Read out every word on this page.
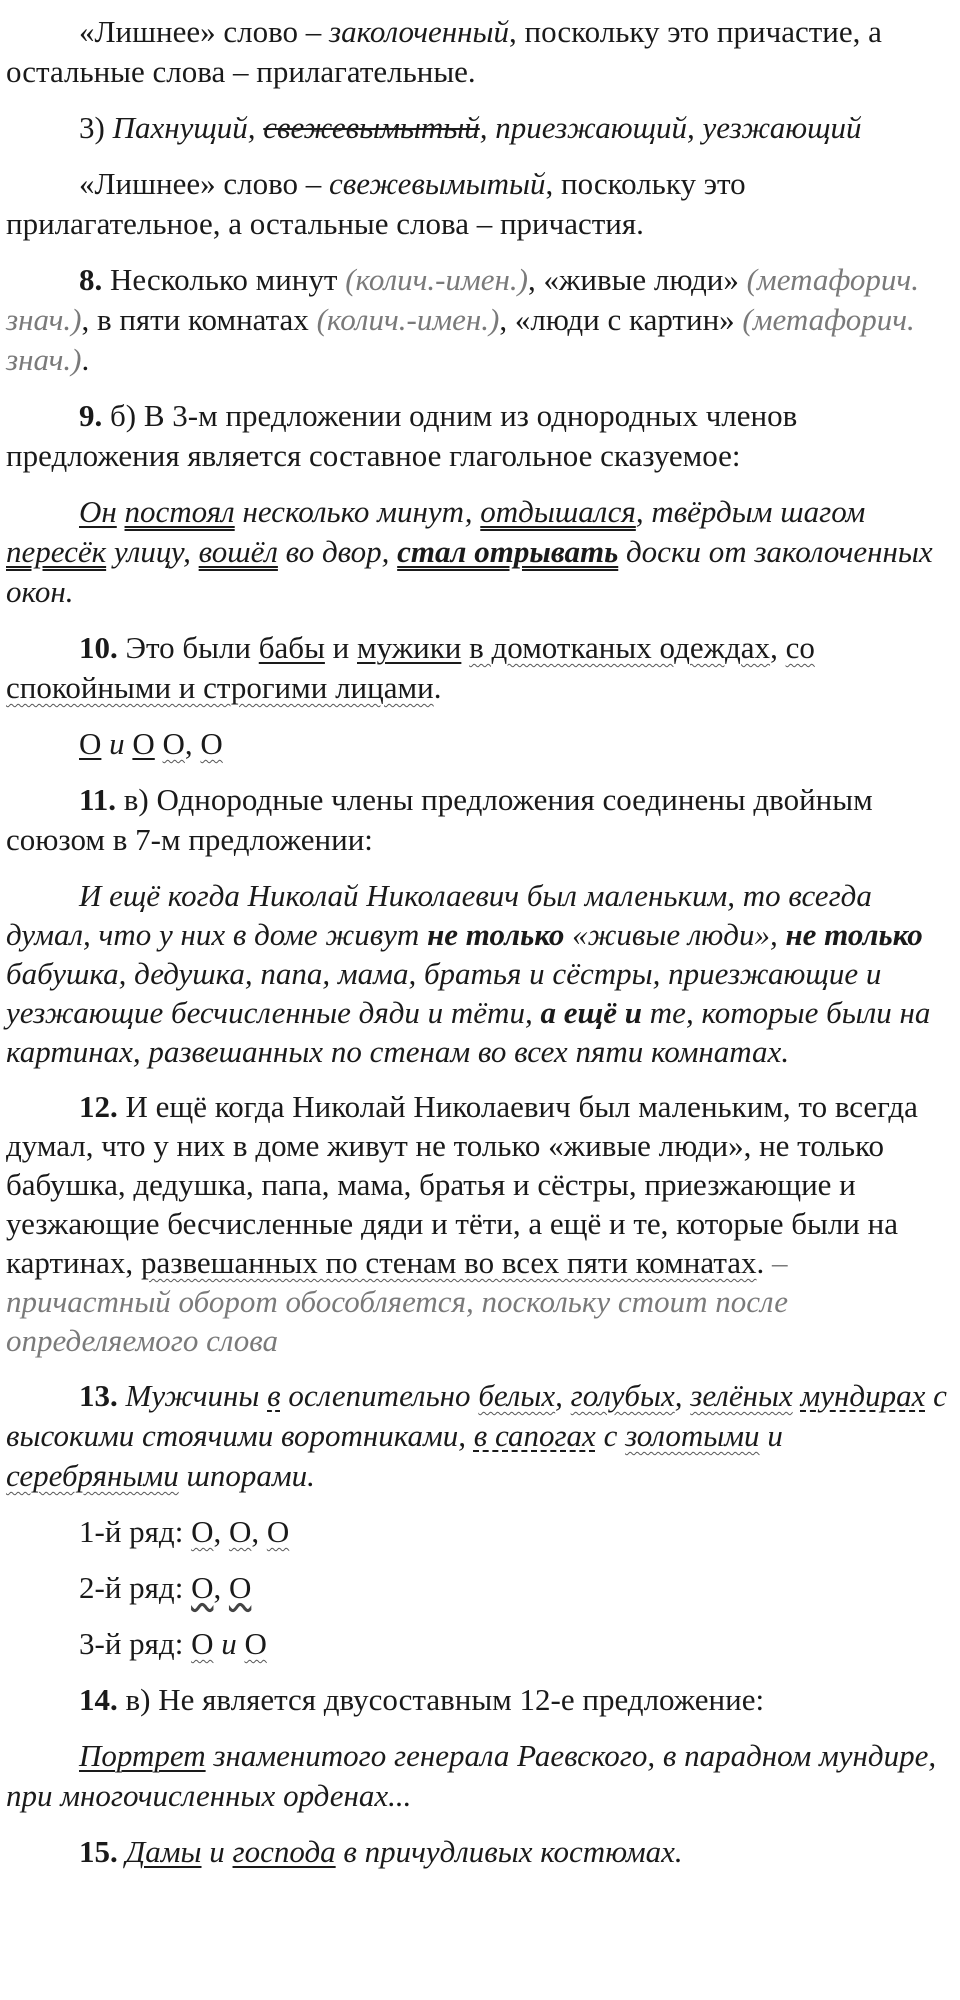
«Лишнее» слово – заколоченный, поскольку это причастие, а остальные слова – прилагательные.

3) Пахнущий, свежевымытый, приезжающий, уезжающий

«Лишнее» слово – свежевымытый, поскольку это прилагательное, а остальные слова – причастия.

8. Несколько минут (колич.-имен.), «живые люди» (метафорич. знач.), в пяти комнатах (колич.-имен.), «люди с картин» (метафорич. знач.).

9. б) В 3-м предложении одним из однородных членов предложения является составное глагольное сказуемое:

Он постоял несколько минут, отдышался, твёрдым шагом пересёк улицу, вошёл во двор, стал отрывать доски от заколоченных окон.

10. Это были бабы и мужики в домотканых одеждах, со спокойными и строгими лицами.

О и О О, О

11. в) Однородные члены предложения соединены двойным союзом в 7-м предложении:

И ещё когда Николай Николаевич был маленьким, то всегда думал, что у них в доме живут не только «живые люди», не только бабушка, дедушка, папа, мама, братья и сёстры, приезжающие и уезжающие бесчисленные дяди и тёти, а ещё и те, которые были на картинах, развешанных по стенам во всех пяти комнатах.

12. И ещё когда Николай Николаевич был маленьким, то всегда думал, что у них в доме живут не только «живые люди», не только бабушка, дедушка, папа, мама, братья и сёстры, приезжающие и уезжающие бесчисленные дяди и тёти, а ещё и те, которые были на картинах, развешанных по стенам во всех пяти комнатах. – причастный оборот обособляется, поскольку стоит после определяемого слова

13. Мужчины в ослепительно белых, голубых, зелёных мундирах с высокими стоячими воротниками, в сапогах с золотыми и серебряными шпорами.

1-й ряд: О, О, О

2-й ряд: О, О

3-й ряд: О и О

14. в) Не является двусоставным 12-е предложение:

Портрет знаменитого генерала Раевского, в парадном мундире, при многочисленных орденах...

15. Дамы и господа в причудливых костюмах.
